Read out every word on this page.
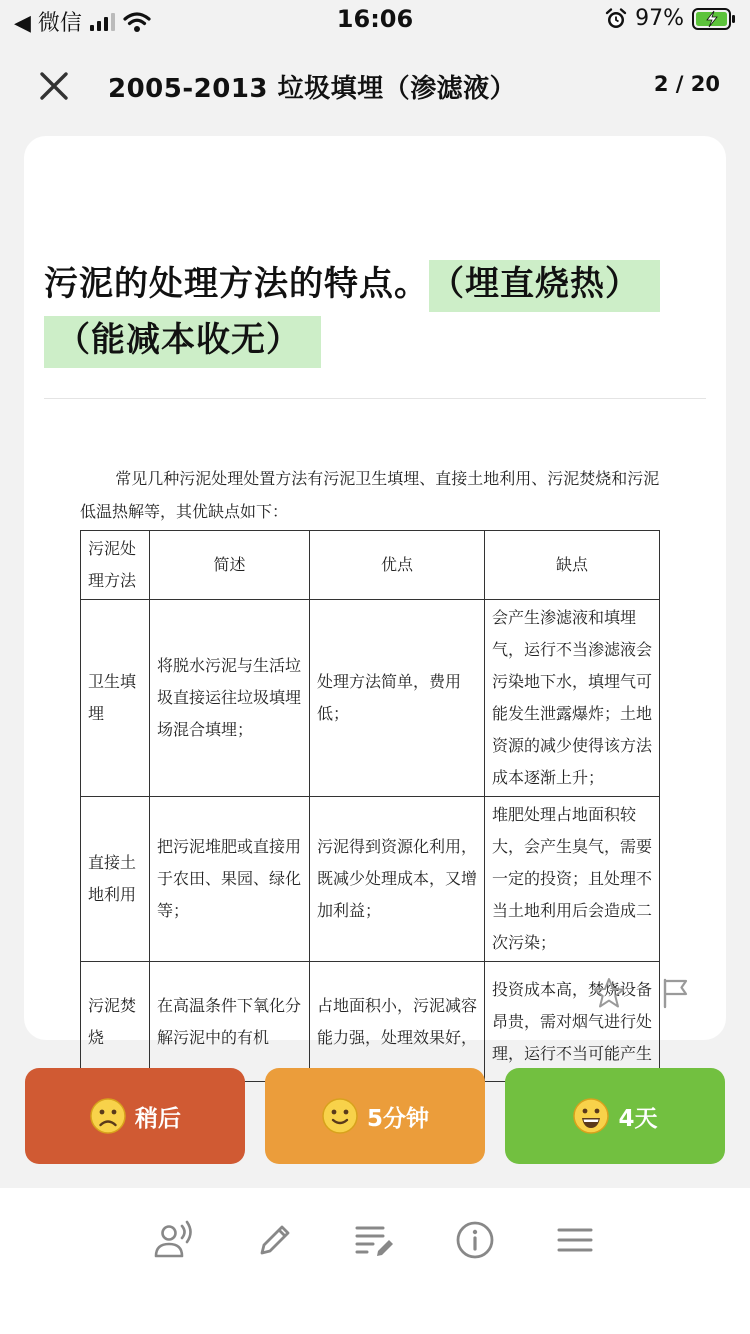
◀ 微信	16:06	97%
2005-2013 垃圾填埋（渗滤液）	2 / 20
污泥的处理方法的特点。 （埋直烧热）
（能减本收无）
常见几种污泥处理处置方法有污泥卫生填埋、直接土地利用、污泥焚烧和污泥低温热解等，其优缺点如下：
污泥处理方法	简述	优点	缺点
卫生填埋	将脱水污泥与生活垃圾直接运往垃圾填埋场混合填埋；	处理方法简单，费用低；	会产生渗滤液和填埋气，运行不当渗滤液会污染地下水，填埋气可能发生泄露爆炸；土地资源的减少使得该方法成本逐渐上升；
直接土地利用	把污泥堆肥或直接用于农田、果园、绿化等；	污泥得到资源化利用，既减少处理成本，又增加利益；	堆肥处理占地面积较大，会产生臭气，需要一定的投资；且处理不当土地利用后会造成二次污染；
污泥焚烧	在高温条件下氧化分解污泥中的有机	占地面积小，污泥减容能力强，处理效果好，	投资成本高，焚烧设备昂贵，需对烟气进行处理，运行不当可能产生
稍后	5分钟	4天
